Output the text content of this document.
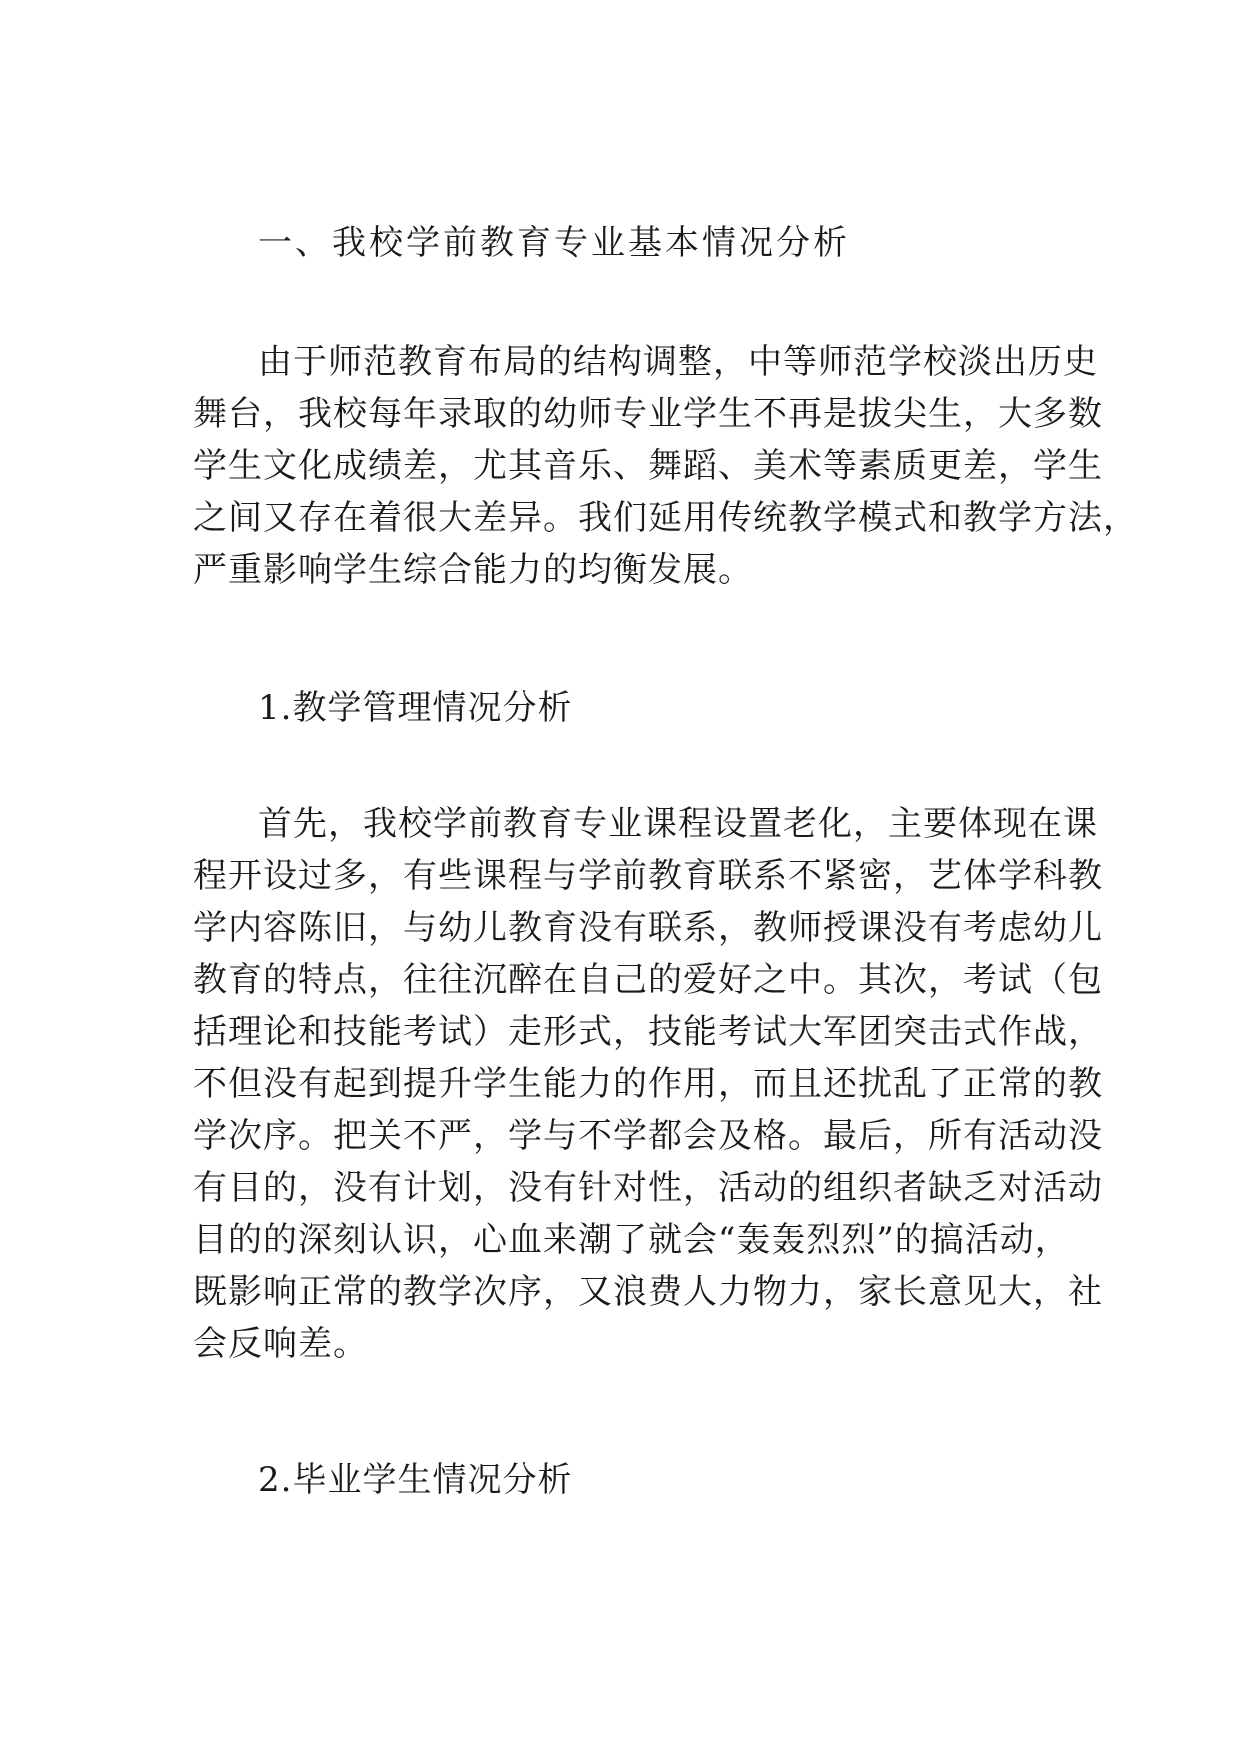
一、我校学前教育专业基本情况分析
由于师范教育布局的结构调整，中等师范学校淡出历史
舞台，我校每年录取的幼师专业学生不再是拔尖生，大多数
学生文化成绩差，尤其音乐、舞蹈、美术等素质更差，学生
之间又存在着很大差异。我们延用传统教学模式和教学方法，
严重影响学生综合能力的均衡发展。
1.教学管理情况分析
首先，我校学前教育专业课程设置老化，主要体现在课
程开设过多，有些课程与学前教育联系不紧密，艺体学科教
学内容陈旧，与幼儿教育没有联系，教师授课没有考虑幼儿
教育的特点，往往沉醉在自己的爱好之中。其次，考试（包
括理论和技能考试）走形式，技能考试大军团突击式作战，
不但没有起到提升学生能力的作用，而且还扰乱了正常的教
学次序。把关不严，学与不学都会及格。最后，所有活动没
有目的，没有计划，没有针对性，活动的组织者缺乏对活动
目的的深刻认识，心血来潮了就会“轰轰烈烈”的搞活动，
既影响正常的教学次序，又浪费人力物力，家长意见大，社
会反响差。
2.毕业学生情况分析
